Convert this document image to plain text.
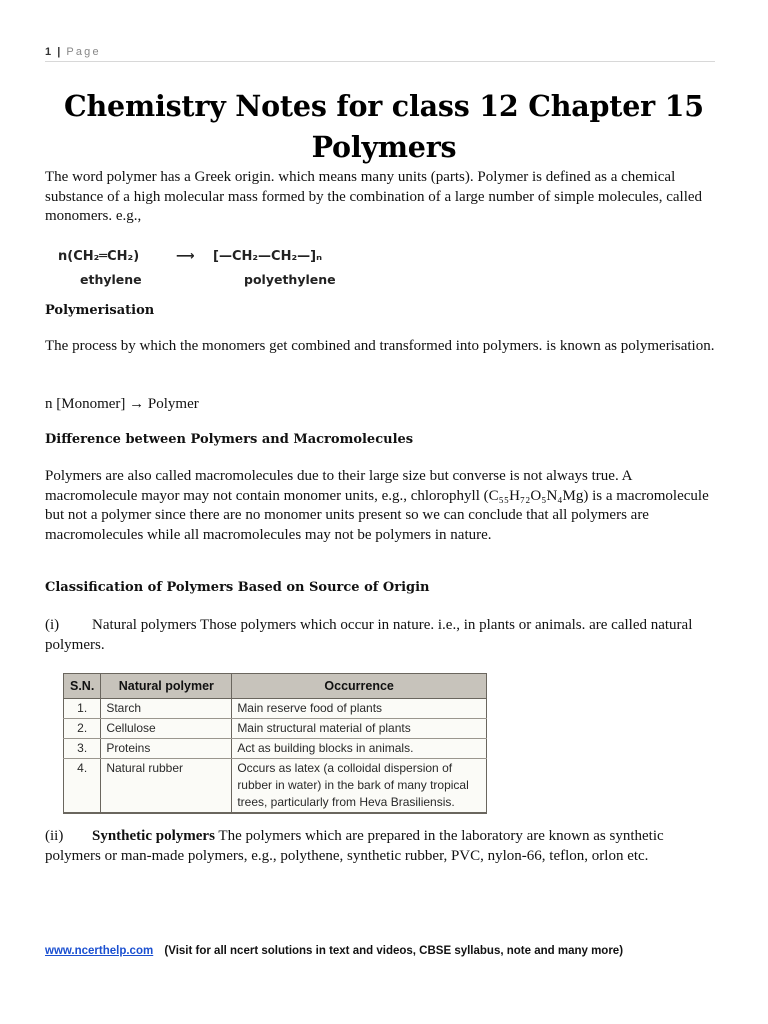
1 | Page
Chemistry Notes for class 12 Chapter 15 Polymers

The word polymer has a Greek origin. which means many units (parts). Polymer is defined as a chemical substance of a high molecular mass formed by the combination of a large number of simple molecules, called monomers. e.g.,

n(CH₂═CH₂)	⟶ [—CH₂—CH₂—]ₙ
ethylene	polyethylene
Polymerisation

The process by which the monomers get combined and transformed into polymers. is known as polymerisation.

n [Monomer] → Polymer

Difference between Polymers and Macromolecules

Polymers are also called macromolecules due to their large size but converse is not always true. A macromolecule mayor may not contain monomer units, e.g., chlorophyll (C₅₅H₇₂O₅N₄Mg) is a macromolecule but not a polymer since there are no monomer units present so we can conclude that all polymers are macromolecules while all macromolecules may not be polymers in nature.

Classification of Polymers Based on Source of Origin

(i) Natural polymers Those polymers which occur in nature. i.e., in plants or animals. are called natural polymers.

S.N.	Natural polymer	Occurrence
1.	Starch	Main reserve food of plants
2.	Cellulose	Main structural material of plants
3.	Proteins	Act as building blocks in animals.
4.	Natural rubber	Occurs as latex (a colloidal dispersion of rubber in water) in the bark of many tropical trees, particularly from Heva Brasiliensis.

(ii) Synthetic polymers The polymers which are prepared in the laboratory are known as synthetic polymers or man-made polymers, e.g., polythene, synthetic rubber, PVC, nylon-66, teflon, orlon etc.

www.ncerthelp.com (Visit for all ncert solutions in text and videos, CBSE syllabus, note and many more)
